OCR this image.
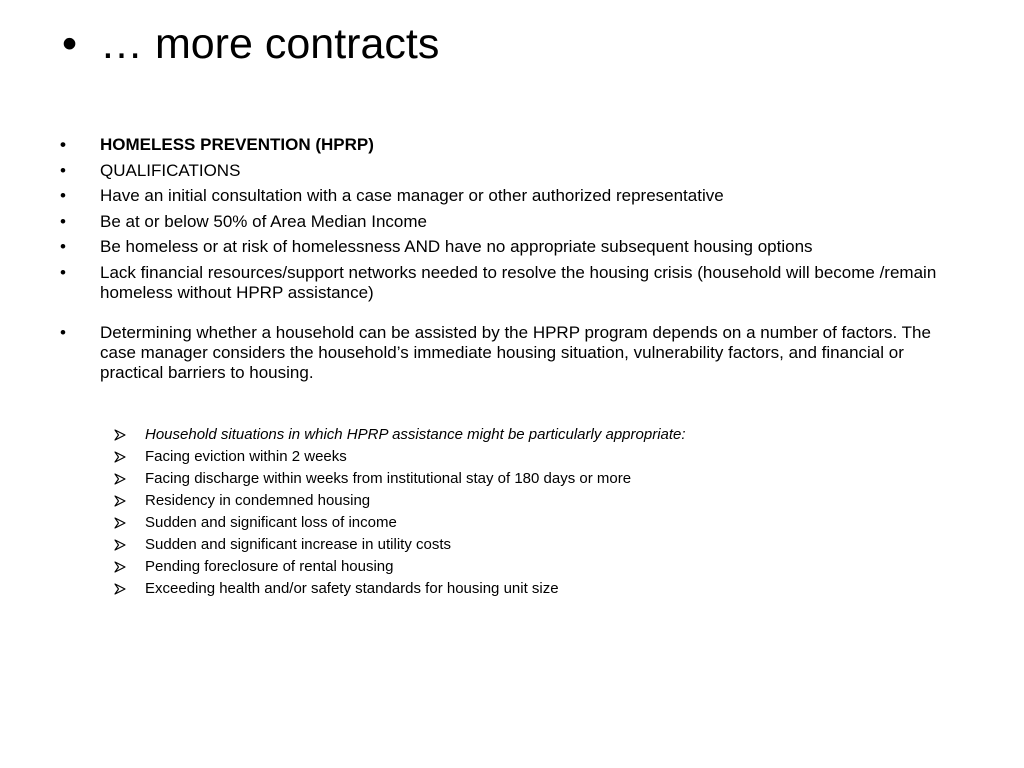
• … more contracts
• HOMELESS PREVENTION (HPRP)
• QUALIFICATIONS
• Have an initial consultation with a case manager or other authorized representative
• Be at or below 50% of Area Median Income
• Be homeless or at risk of homelessness AND have no appropriate subsequent housing options
• Lack financial resources/support networks needed to resolve the housing crisis (household will become /remain homeless without HPRP assistance)
• Determining whether a household can be assisted by the HPRP program depends on a number of factors. The case manager considers the household’s immediate housing situation, vulnerability factors, and financial or practical barriers to housing.
Household situations in which HPRP assistance might be particularly appropriate:
Facing eviction within 2 weeks
Facing discharge within weeks from institutional stay of 180 days or more
Residency in condemned housing
Sudden and significant loss of income
Sudden and significant increase in utility costs
Pending foreclosure of rental housing
Exceeding health and/or safety standards for housing unit size
